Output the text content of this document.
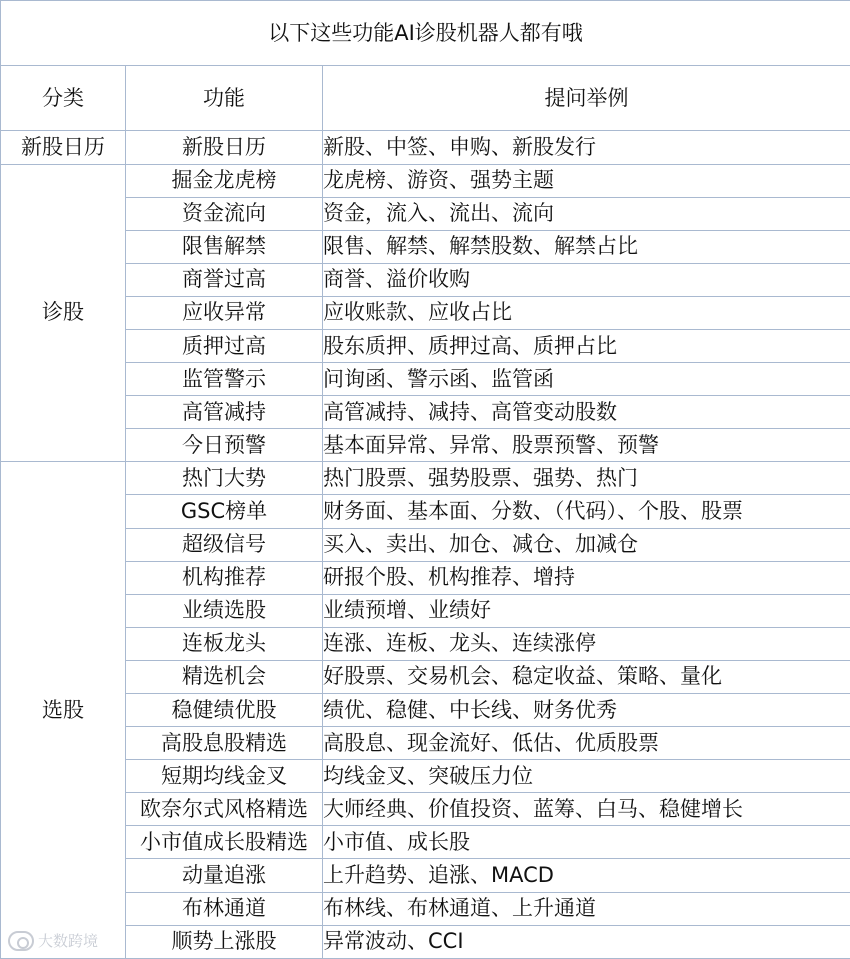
以下这些功能AI诊股机器人都有哦		
分类	功能	提问举例
新股日历	新股日历	新股、中签、申购、新股发行
诊股	掘金龙虎榜	龙虎榜、游资、强势主题
	资金流向	资金，流入、流出、流向
	限售解禁	限售、解禁、解禁股数、解禁占比
	商誉过高	商誉、溢价收购
	应收异常	应收账款、应收占比
	质押过高	股东质押、质押过高、质押占比
	监管警示	问询函、警示函、监管函
	高管减持	高管减持、减持、高管变动股数
	今日预警	基本面异常、异常、股票预警、预警
选股	热门大势	热门股票、强势股票、强势、热门
	GSC榜单	财务面、基本面、分数、（代码）、个股、股票
	超级信号	买入、卖出、加仓、减仓、加减仓
	机构推荐	研报个股、机构推荐、增持
	业绩选股	业绩预增、业绩好
	连板龙头	连涨、连板、龙头、连续涨停
	精选机会	好股票、交易机会、稳定收益、策略、量化
	稳健绩优股	绩优、稳健、中长线、财务优秀
	高股息股精选	高股息、现金流好、低估、优质股票
	短期均线金叉	均线金叉、突破压力位
	欧奈尔式风格精选	大师经典、价值投资、蓝筹、白马、稳健增长
	小市值成长股精选	小市值、成长股
	动量追涨	上升趋势、追涨、MACD
	布林通道	布林线、布林通道、上升通道
	顺势上涨股	异常波动、CCI
大数跨境
